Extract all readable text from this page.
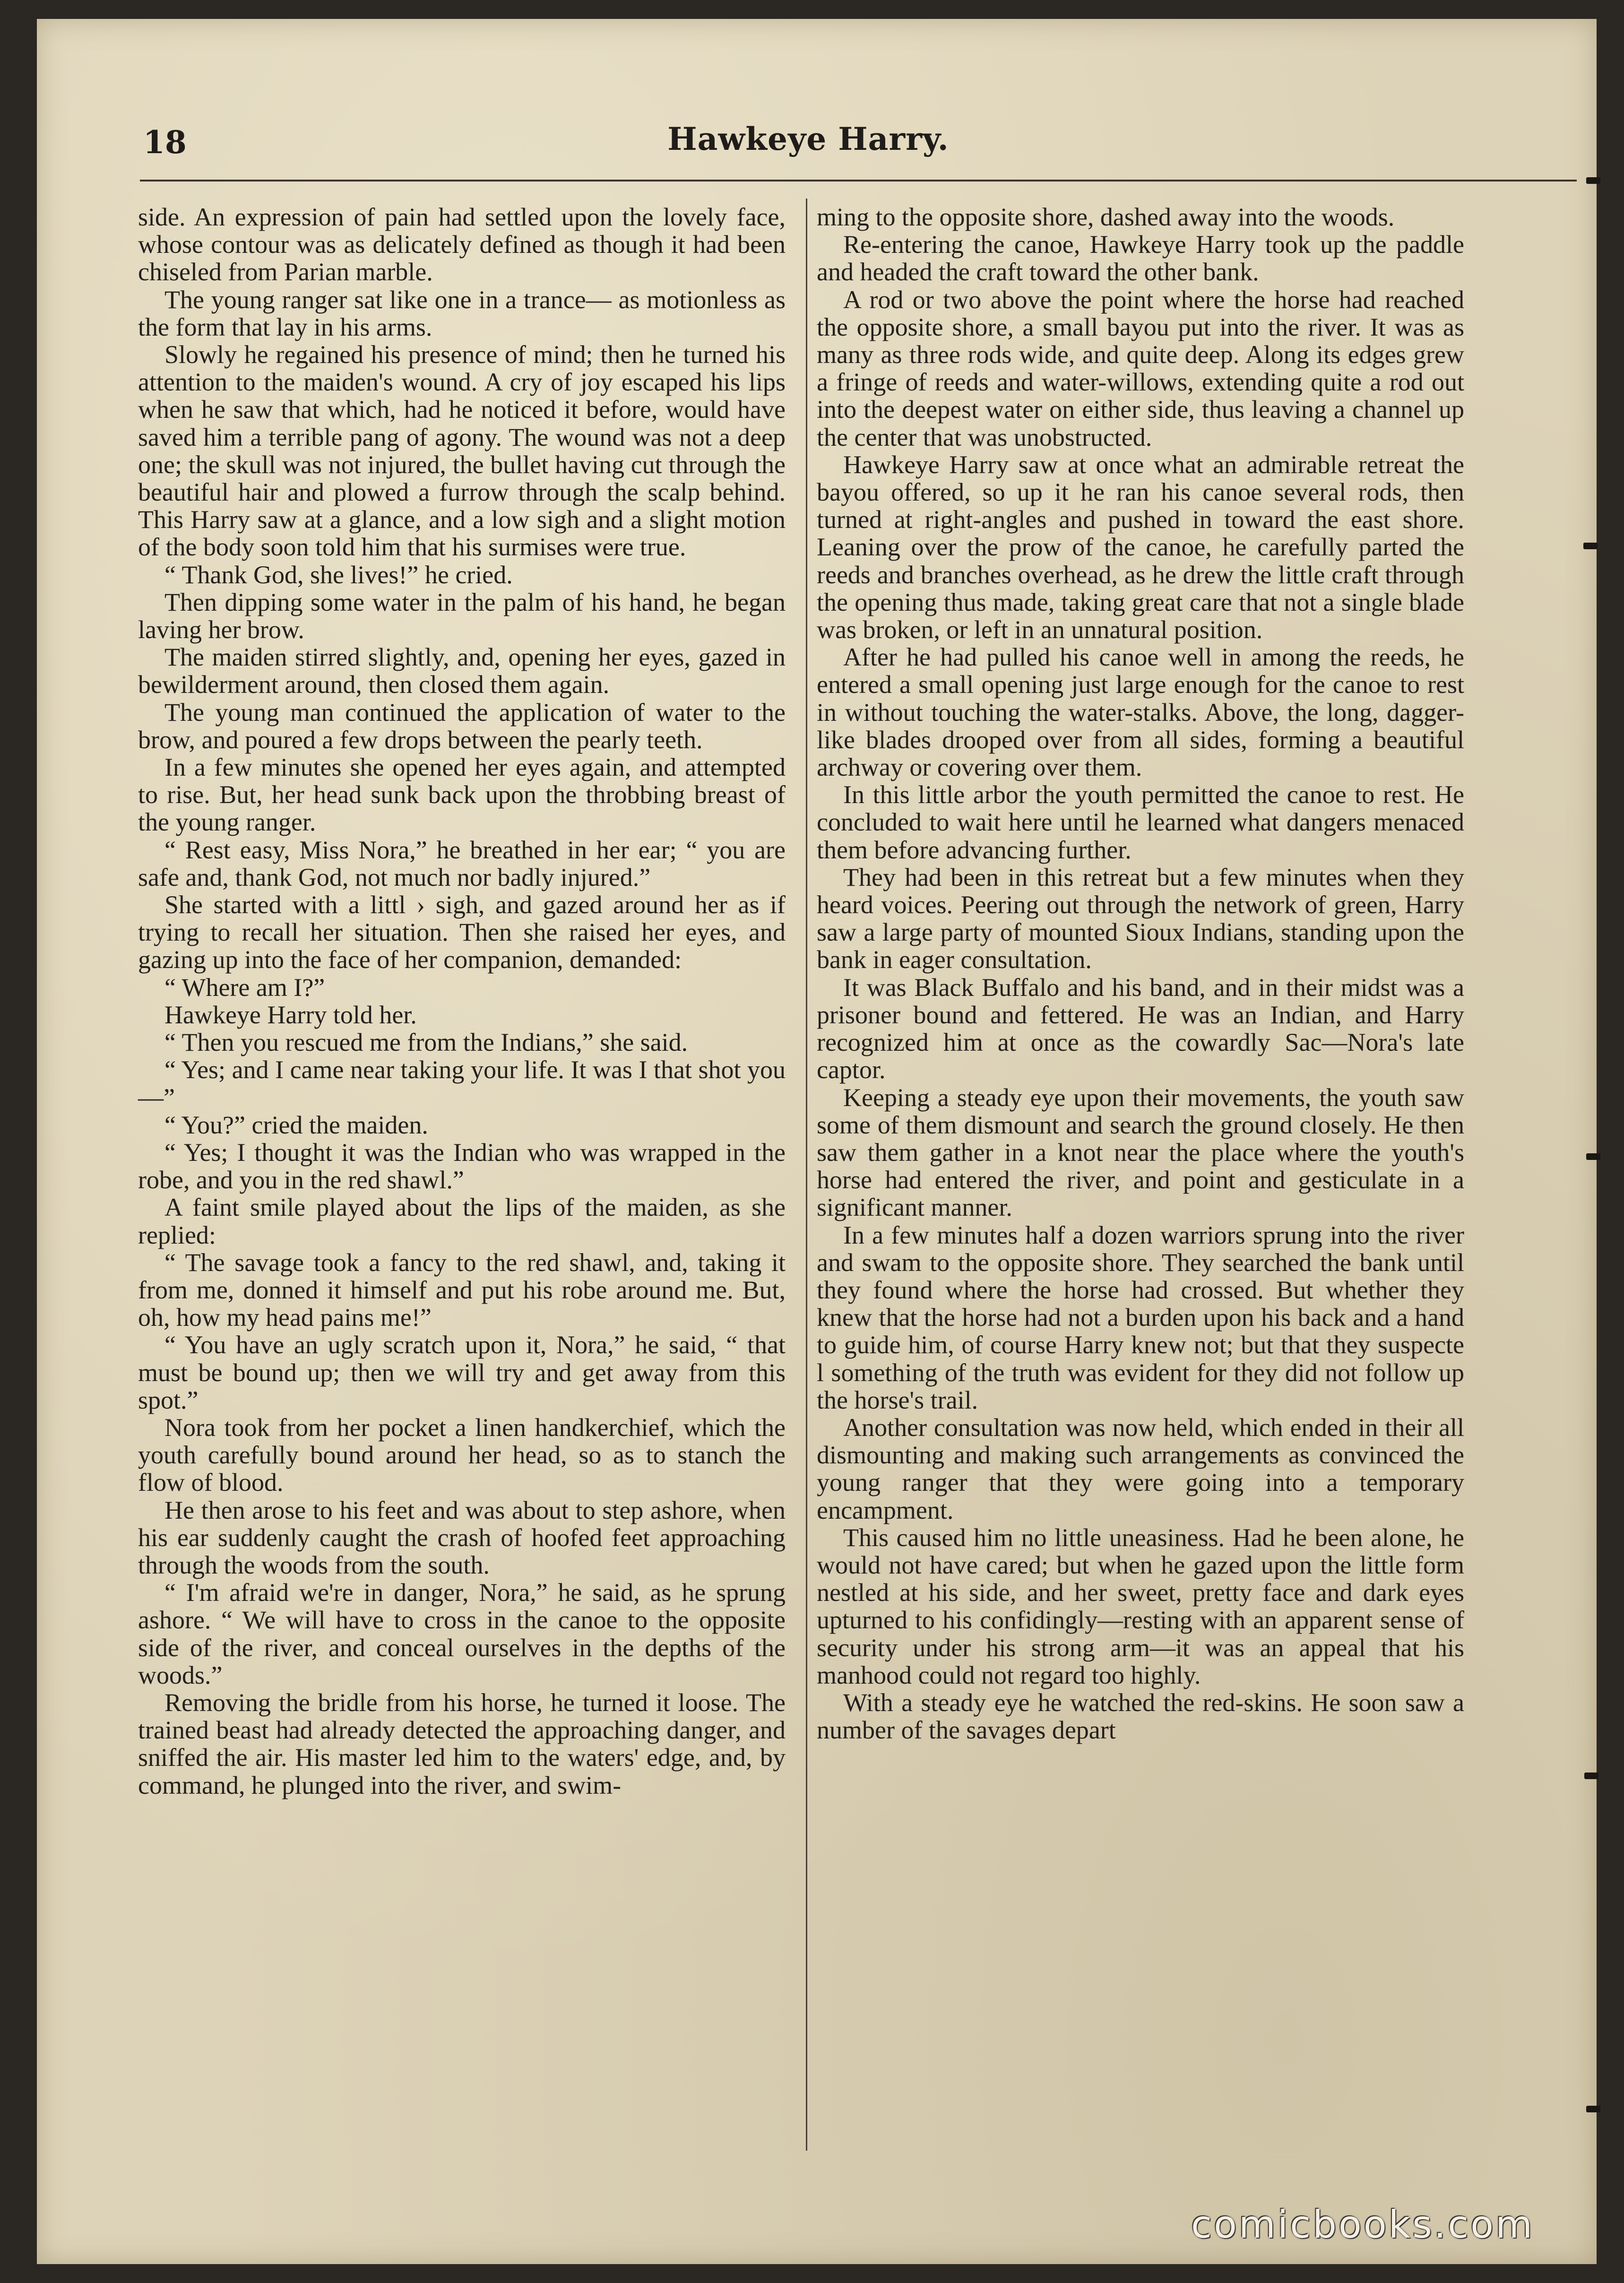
18	Hawkeye Harry.

side. An expression of pain had settled upon the lovely face, whose contour was as delicately defined as though it had been chiseled from Parian marble.

The young ranger sat like one in a trance— as motionless as the form that lay in his arms.

Slowly he regained his presence of mind; then he turned his attention to the maiden's wound. A cry of joy escaped his lips when he saw that which, had he noticed it before, would have saved him a terrible pang of agony. The wound was not a deep one; the skull was not injured, the bullet having cut through the beautiful hair and plowed a furrow through the scalp behind. This Harry saw at a glance, and a low sigh and a slight motion of the body soon told him that his surmises were true.

“ Thank God, she lives!” he cried.

Then dipping some water in the palm of his hand, he began laving her brow.

The maiden stirred slightly, and, opening her eyes, gazed in bewilderment around, then closed them again.

The young man continued the application of water to the brow, and poured a few drops between the pearly teeth.

In a few minutes she opened her eyes again, and attempted to rise. But, her head sunk back upon the throbbing breast of the young ranger.

“ Rest easy, Miss Nora,” he breathed in her ear; “ you are safe and, thank God, not much nor badly injured.”

She started with a littl › sigh, and gazed around her as if trying to recall her situation. Then she raised her eyes, and gazing up into the face of her companion, demanded:

“ Where am I?”

Hawkeye Harry told her.

“ Then you rescued me from the Indians,” she said.

“ Yes; and I came near taking your life. It was I that shot you—”

“ You?” cried the maiden.

“ Yes; I thought it was the Indian who was wrapped in the robe, and you in the red shawl.”

A faint smile played about the lips of the maiden, as she replied:

“ The savage took a fancy to the red shawl, and, taking it from me, donned it himself and put his robe around me. But, oh, how my head pains me!”

“ You have an ugly scratch upon it, Nora,” he said, “ that must be bound up; then we will try and get away from this spot.”

Nora took from her pocket a linen handkerchief, which the youth carefully bound around her head, so as to stanch the flow of blood.

He then arose to his feet and was about to step ashore, when his ear suddenly caught the crash of hoofed feet approaching through the woods from the south.

“ I'm afraid we're in danger, Nora,” he said, as he sprung ashore. “ We will have to cross in the canoe to the opposite side of the river, and conceal ourselves in the depths of the woods.”

Removing the bridle from his horse, he turned it loose. The trained beast had already detected the approaching danger, and sniffed the air. His master led him to the waters' edge, and, by command, he plunged into the river, and swim-

ming to the opposite shore, dashed away into the woods.

Re-entering the canoe, Hawkeye Harry took up the paddle and headed the craft toward the other bank.

A rod or two above the point where the horse had reached the opposite shore, a small bayou put into the river. It was as many as three rods wide, and quite deep. Along its edges grew a fringe of reeds and water-willows, extending quite a rod out into the deepest water on either side, thus leaving a channel up the center that was unobstructed.

Hawkeye Harry saw at once what an admirable retreat the bayou offered, so up it he ran his canoe several rods, then turned at right-angles and pushed in toward the east shore. Leaning over the prow of the canoe, he carefully parted the reeds and branches overhead, as he drew the little craft through the opening thus made, taking great care that not a single blade was broken, or left in an unnatural position.

After he had pulled his canoe well in among the reeds, he entered a small opening just large enough for the canoe to rest in without touching the water-stalks. Above, the long, dagger-like blades drooped over from all sides, forming a beautiful archway or covering over them.

In this little arbor the youth permitted the canoe to rest. He concluded to wait here until he learned what dangers menaced them before advancing further.

They had been in this retreat but a few minutes when they heard voices. Peering out through the network of green, Harry saw a large party of mounted Sioux Indians, standing upon the bank in eager consultation.

It was Black Buffalo and his band, and in their midst was a prisoner bound and fettered. He was an Indian, and Harry recognized him at once as the cowardly Sac—Nora's late captor.

Keeping a steady eye upon their movements, the youth saw some of them dismount and search the ground closely. He then saw them gather in a knot near the place where the youth's horse had entered the river, and point and gesticulate in a significant manner.

In a few minutes half a dozen warriors sprung into the river and swam to the opposite shore. They searched the bank until they found where the horse had crossed. But whether they knew that the horse had not a burden upon his back and a hand to guide him, of course Harry knew not; but that they suspecte l something of the truth was evident for they did not follow up the horse's trail.

Another consultation was now held, which ended in their all dismounting and making such arrangements as convinced the young ranger that they were going into a temporary encampment.

This caused him no little uneasiness. Had he been alone, he would not have cared; but when he gazed upon the little form nestled at his side, and her sweet, pretty face and dark eyes upturned to his confidingly—resting with an apparent sense of security under his strong arm—it was an appeal that his manhood could not regard too highly.

With a steady eye he watched the red-skins. He soon saw a number of the savages depart

comicbooks.com
